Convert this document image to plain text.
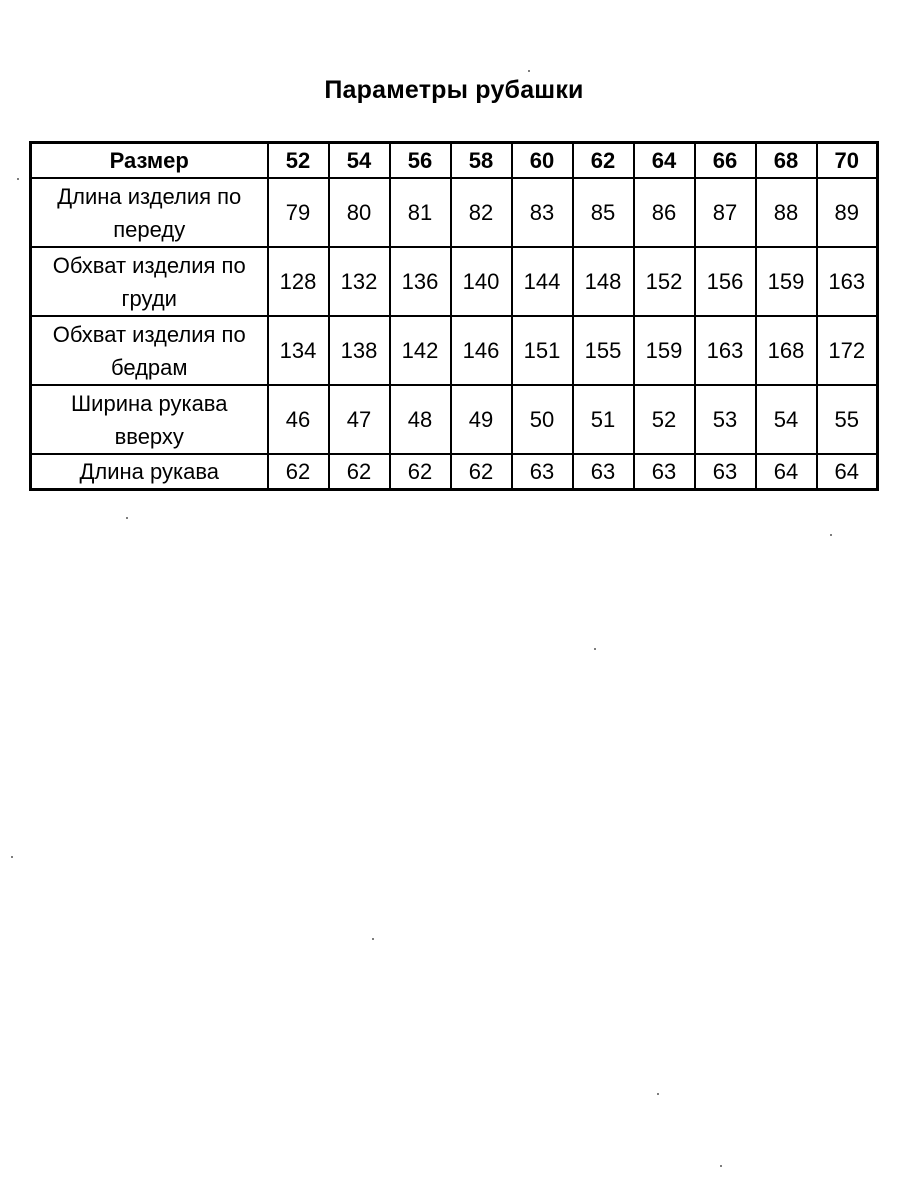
Параметры рубашки
Размер	52	54	56	58	60	62	64	66	68	70
Длина изделия по переду	79	80	81	82	83	85	86	87	88	89
Обхват изделия по груди	128	132	136	140	144	148	152	156	159	163
Обхват изделия по бедрам	134	138	142	146	151	155	159	163	168	172
Ширина рукава вверху	46	47	48	49	50	51	52	53	54	55
Длина рукава	62	62	62	62	63	63	63	63	64	64
